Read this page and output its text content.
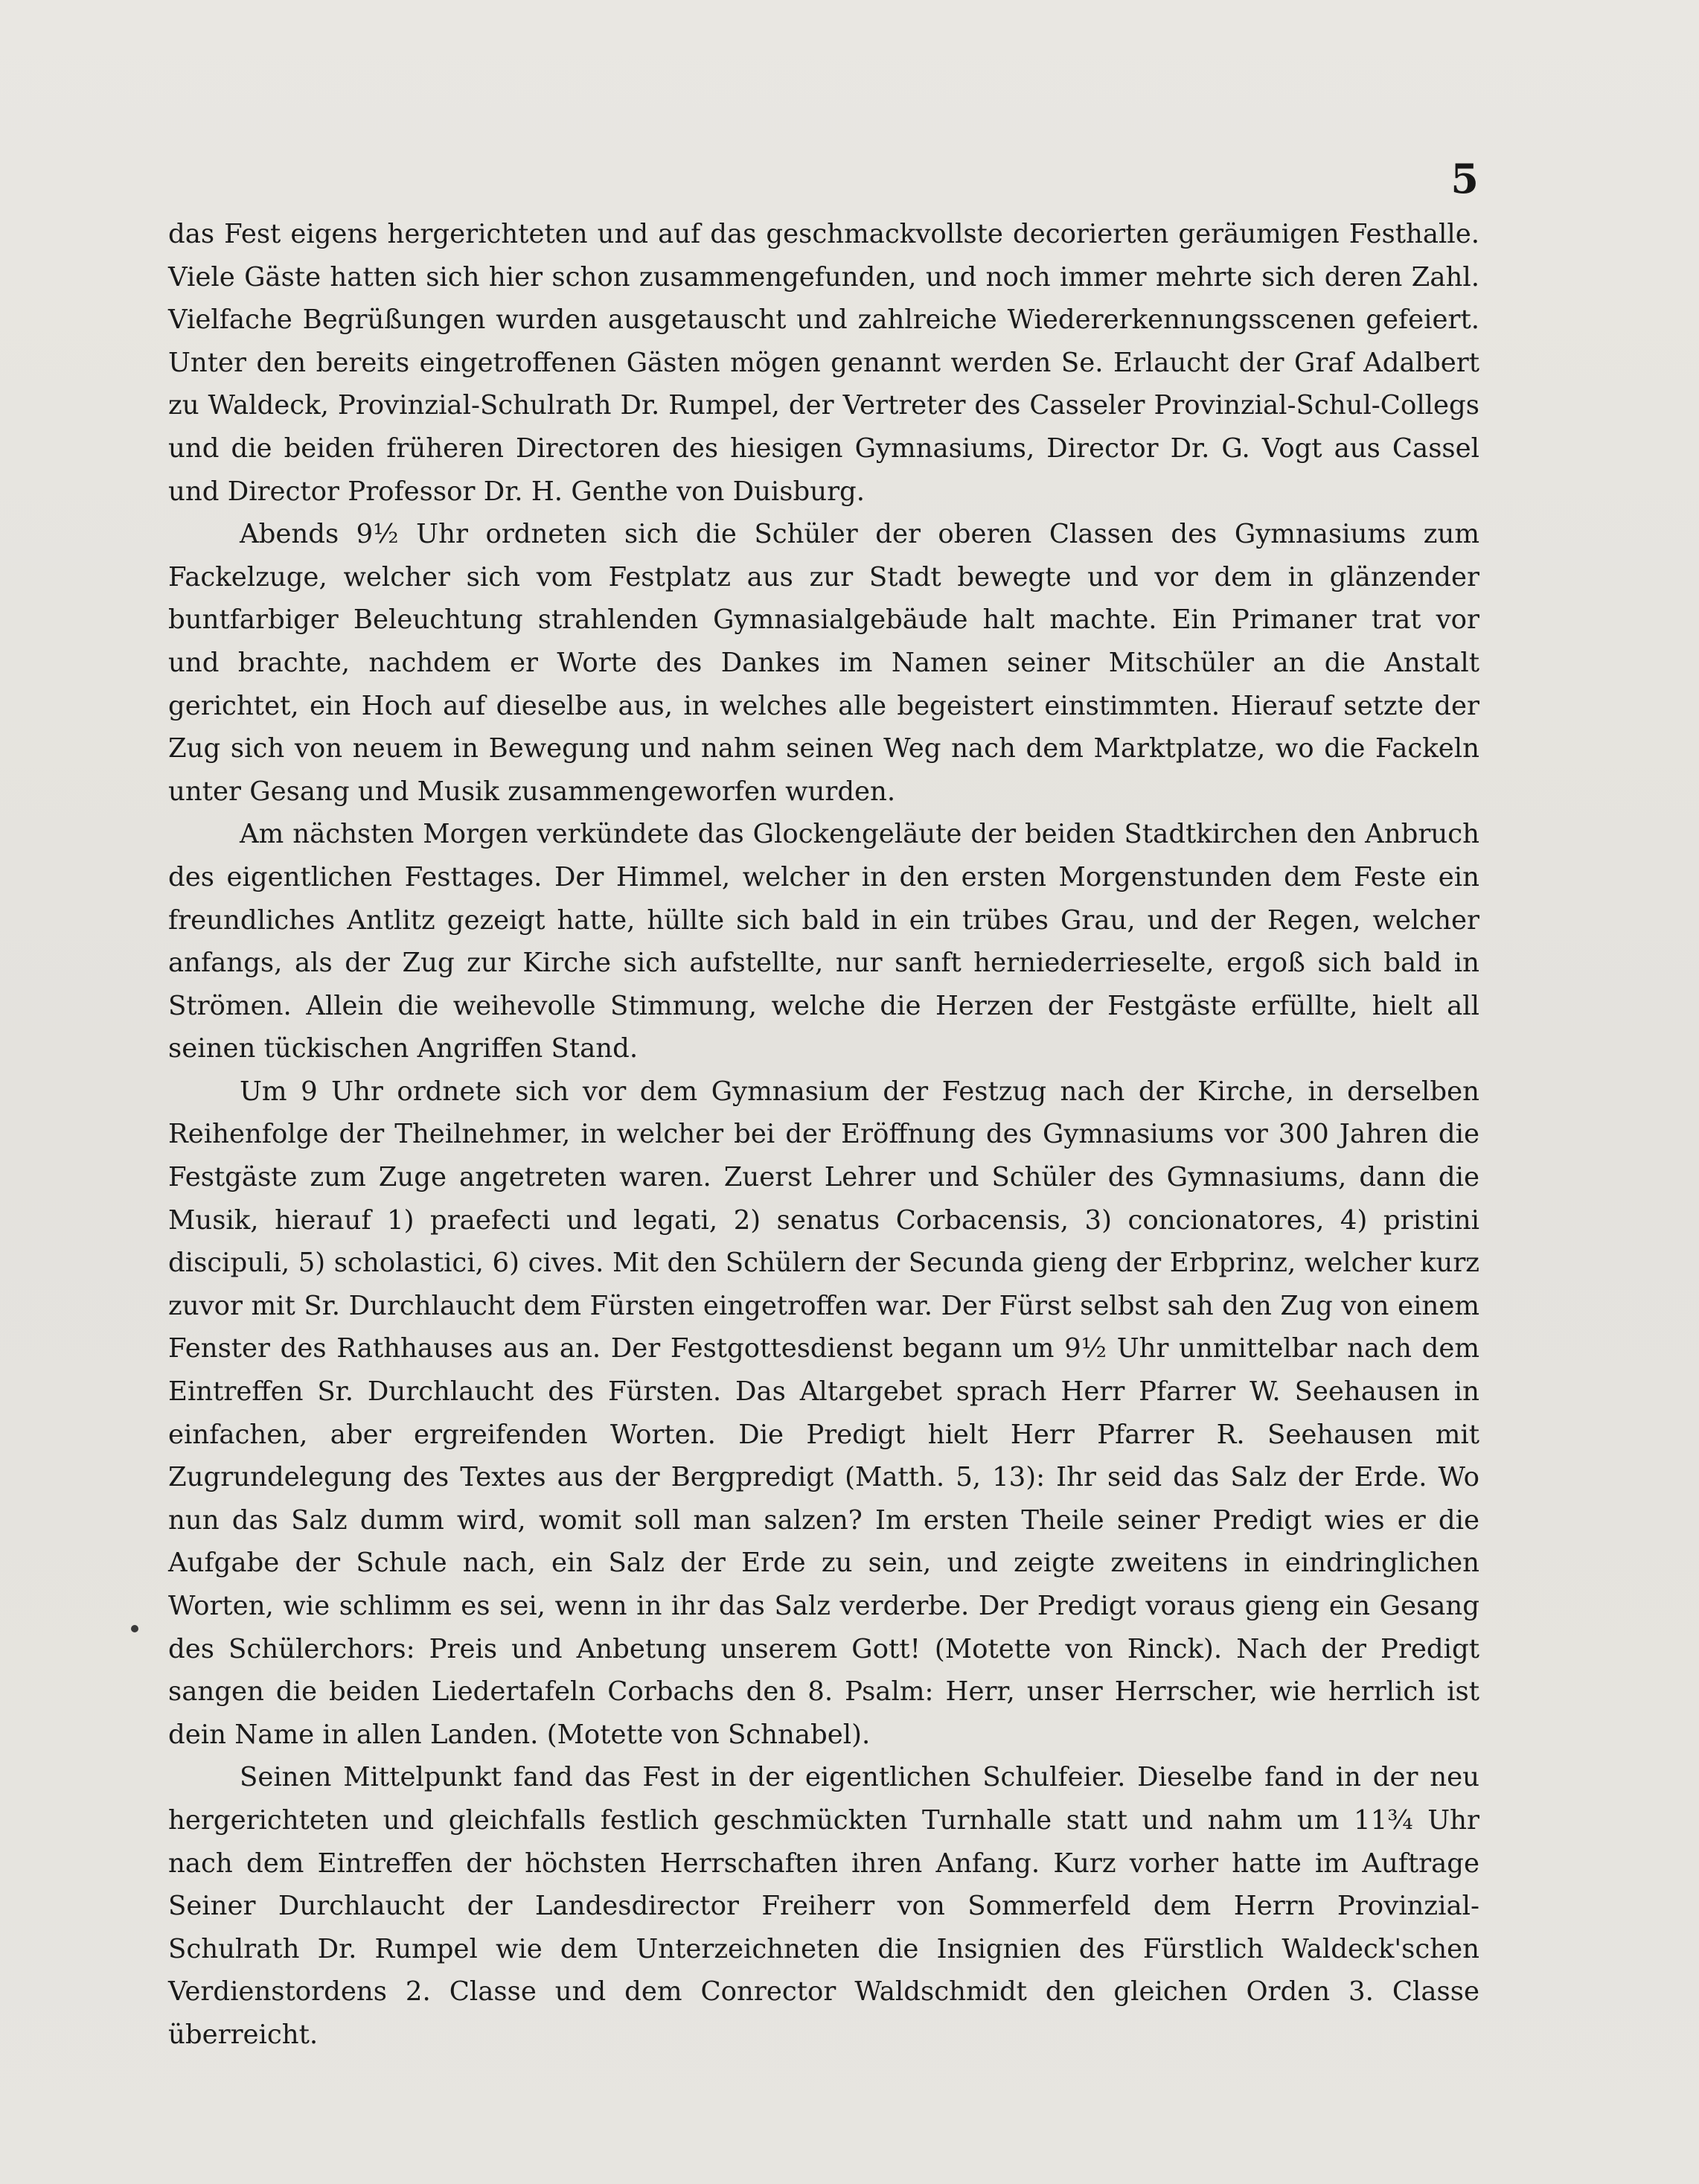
5

das Fest eigens hergerichteten und auf das geschmackvollste decorierten geräumigen Festhalle. Viele Gäste hatten sich hier schon zusammengefunden, und noch immer mehrte sich deren Zahl. Vielfache Begrüßungen wurden ausgetauscht und zahlreiche Wiedererkennungsscenen gefeiert. Unter den bereits eingetroffenen Gästen mögen genannt werden Se. Erlaucht der Graf Adalbert zu Waldeck, Provinzial-Schulrath Dr. Rumpel, der Vertreter des Casseler Provinzial-Schul-Collegs und die beiden früheren Directoren des hiesigen Gymnasiums, Director Dr. G. Vogt aus Cassel und Director Professor Dr. H. Genthe von Duisburg.

Abends 9½ Uhr ordneten sich die Schüler der oberen Classen des Gymnasiums zum Fackelzuge, welcher sich vom Festplatz aus zur Stadt bewegte und vor dem in glänzender buntfarbiger Beleuchtung strahlenden Gymnasialgebäude halt machte. Ein Primaner trat vor und brachte, nachdem er Worte des Dankes im Namen seiner Mitschüler an die Anstalt gerichtet, ein Hoch auf dieselbe aus, in welches alle begeistert einstimmten. Hierauf setzte der Zug sich von neuem in Bewegung und nahm seinen Weg nach dem Marktplatze, wo die Fackeln unter Gesang und Musik zusammengeworfen wurden.

Am nächsten Morgen verkündete das Glockengeläute der beiden Stadtkirchen den Anbruch des eigentlichen Festtages. Der Himmel, welcher in den ersten Morgenstunden dem Feste ein freundliches Antlitz gezeigt hatte, hüllte sich bald in ein trübes Grau, und der Regen, welcher anfangs, als der Zug zur Kirche sich aufstellte, nur sanft herniederrieselte, ergoß sich bald in Strömen. Allein die weihevolle Stimmung, welche die Herzen der Festgäste erfüllte, hielt all seinen tückischen Angriffen Stand.

Um 9 Uhr ordnete sich vor dem Gymnasium der Festzug nach der Kirche, in derselben Reihenfolge der Theilnehmer, in welcher bei der Eröffnung des Gymnasiums vor 300 Jahren die Festgäste zum Zuge angetreten waren. Zuerst Lehrer und Schüler des Gymnasiums, dann die Musik, hierauf 1) praefecti und legati, 2) senatus Corbacensis, 3) concionatores, 4) pristini discipuli, 5) scholastici, 6) cives. Mit den Schülern der Secunda gieng der Erbprinz, welcher kurz zuvor mit Sr. Durchlaucht dem Fürsten eingetroffen war. Der Fürst selbst sah den Zug von einem Fenster des Rathhauses aus an. Der Festgottesdienst begann um 9½ Uhr unmittelbar nach dem Eintreffen Sr. Durchlaucht des Fürsten. Das Altargebet sprach Herr Pfarrer W. Seehausen in einfachen, aber ergreifenden Worten. Die Predigt hielt Herr Pfarrer R. Seehausen mit Zugrundelegung des Textes aus der Bergpredigt (Matth. 5, 13): Ihr seid das Salz der Erde. Wo nun das Salz dumm wird, womit soll man salzen? Im ersten Theile seiner Predigt wies er die Aufgabe der Schule nach, ein Salz der Erde zu sein, und zeigte zweitens in eindringlichen Worten, wie schlimm es sei, wenn in ihr das Salz verderbe. Der Predigt voraus gieng ein Gesang des Schülerchors: Preis und Anbetung unserem Gott! (Motette von Rinck). Nach der Predigt sangen die beiden Liedertafeln Corbachs den 8. Psalm: Herr, unser Herrscher, wie herrlich ist dein Name in allen Landen. (Motette von Schnabel).

Seinen Mittelpunkt fand das Fest in der eigentlichen Schulfeier. Dieselbe fand in der neu hergerichteten und gleichfalls festlich geschmückten Turnhalle statt und nahm um 11¾ Uhr nach dem Eintreffen der höchsten Herrschaften ihren Anfang. Kurz vorher hatte im Auftrage Seiner Durchlaucht der Landesdirector Freiherr von Sommerfeld dem Herrn Provinzial-Schulrath Dr. Rumpel wie dem Unterzeichneten die Insignien des Fürstlich Waldeck'schen Verdienstordens 2. Classe und dem Conrector Waldschmidt den gleichen Orden 3. Classe überreicht.
